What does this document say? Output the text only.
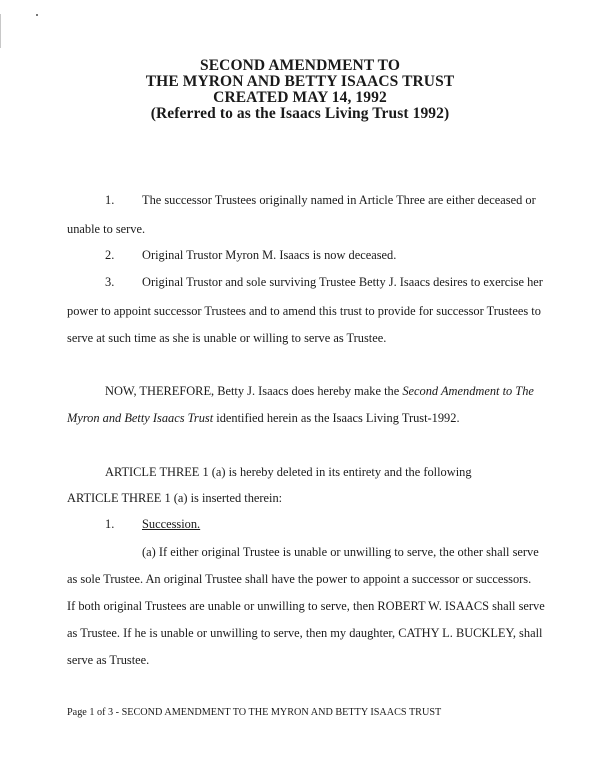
SECOND AMENDMENT TO
THE MYRON AND BETTY ISAACS TRUST
CREATED MAY 14, 1992
(Referred to as the Isaacs Living Trust 1992)
1. The successor Trustees originally named in Article Three are either deceased or
unable to serve.
2. Original Trustor Myron M. Isaacs is now deceased.
3. Original Trustor and sole surviving Trustee Betty J. Isaacs desires to exercise her
power to appoint successor Trustees and to amend this trust to provide for successor Trustees to
serve at such time as she is unable or willing to serve as Trustee.
NOW, THEREFORE, Betty J. Isaacs does hereby make the Second Amendment to The
Myron and Betty Isaacs Trust identified herein as the Isaacs Living Trust-1992.
ARTICLE THREE 1 (a) is hereby deleted in its entirety and the following
ARTICLE THREE 1 (a) is inserted therein:
1. Succession.
(a) If either original Trustee is unable or unwilling to serve, the other shall serve
as sole Trustee. An original Trustee shall have the power to appoint a successor or successors.
If both original Trustees are unable or unwilling to serve, then ROBERT W. ISAACS shall serve
as Trustee. If he is unable or unwilling to serve, then my daughter, CATHY L. BUCKLEY, shall
serve as Trustee.
Page 1 of 3 - SECOND AMENDMENT TO THE MYRON AND BETTY ISAACS TRUST
